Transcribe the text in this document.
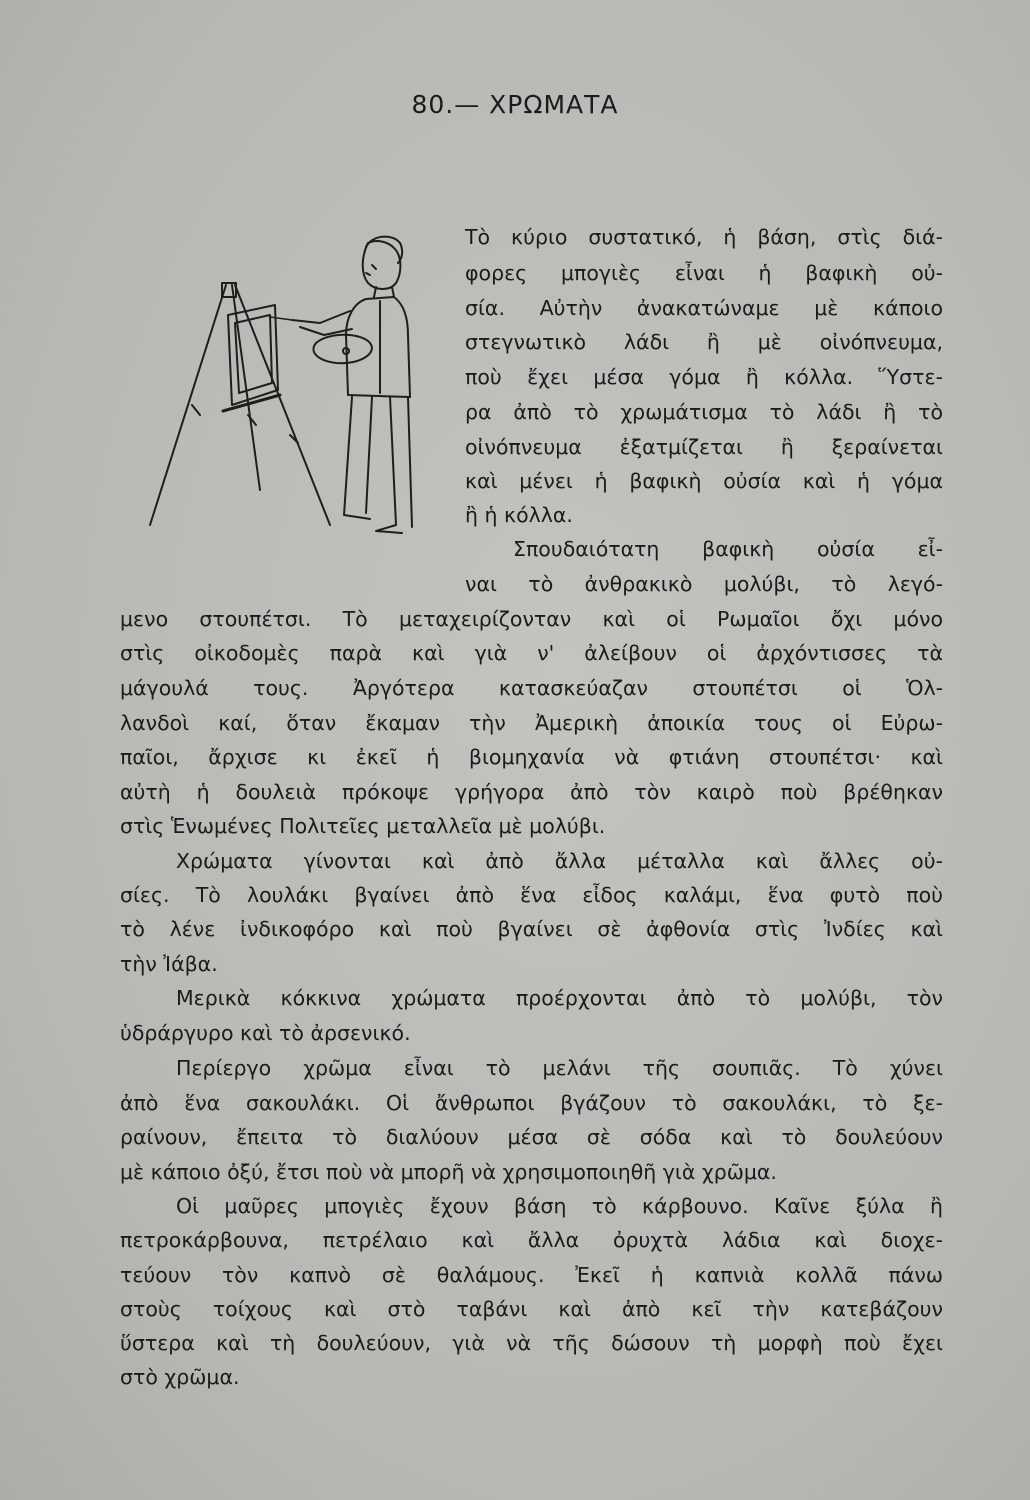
80.— ΧΡΩΜΑΤΑ
Τὸ κύριο συστατικό, ἡ βάση, στὶς διά-
φορες μπογιὲς εἶναι ἡ βαφικὴ οὐ-
σία. Αὐτὴν ἀνακατώναμε μὲ κάποιο
στεγνωτικὸ λάδι ἢ μὲ οἰνόπνευμα,
ποὺ ἔχει μέσα γόμα ἢ κόλλα. Ὕστε-
ρα ἀπὸ τὸ χρωμάτισμα τὸ λάδι ἢ τὸ
οἰνόπνευμα ἐξατμίζεται ἢ ξεραίνεται
καὶ μένει ἡ βαφικὴ οὐσία καὶ ἡ γόμα
ἢ ἡ κόλλα.
Σπουδαιότατη βαφικὴ οὐσία εἶ-
ναι τὸ ἀνθρακικὸ μολύβι, τὸ λεγό-
μενο στουπέτσι. Τὸ μεταχειρίζονταν καὶ οἱ Ρωμαῖοι ὄχι μόνο
στὶς οἰκοδομὲς παρὰ καὶ γιὰ ν' ἀλείβουν οἱ ἀρχόντισσες τὰ
μάγουλά τους. Ἀργότερα κατασκεύαζαν στουπέτσι οἱ Ὁλ-
λανδοὶ καί, ὅταν ἔκαμαν τὴν Ἀμερικὴ ἀποικία τους οἱ Εὐρω-
παῖοι, ἄρχισε κι ἐκεῖ ἡ βιομηχανία νὰ φτιάνη στουπέτσι· καὶ
αὐτὴ ἡ δουλειὰ πρόκοψε γρήγορα ἀπὸ τὸν καιρὸ ποὺ βρέθηκαν
στὶς Ἑνωμένες Πολιτεῖες μεταλλεῖα μὲ μολύβι.
Χρώματα γίνονται καὶ ἀπὸ ἄλλα μέταλλα καὶ ἄλλες οὐ-
σίες. Τὸ λουλάκι βγαίνει ἀπὸ ἕνα εἶδος καλάμι, ἕνα φυτὸ ποὺ
τὸ λένε ἰνδικοφόρο καὶ ποὺ βγαίνει σὲ ἀφθονία στὶς Ἰνδίες καὶ
τὴν Ἰάβα.
Μερικὰ κόκκινα χρώματα προέρχονται ἀπὸ τὸ μολύβι, τὸν
ὑδράργυρο καὶ τὸ ἀρσενικό.
Περίεργο χρῶμα εἶναι τὸ μελάνι τῆς σουπιᾶς. Τὸ χύνει
ἀπὸ ἕνα σακουλάκι. Οἱ ἄνθρωποι βγάζουν τὸ σακουλάκι, τὸ ξε-
ραίνουν, ἔπειτα τὸ διαλύουν μέσα σὲ σόδα καὶ τὸ δουλεύουν
μὲ κάποιο ὀξύ, ἔτσι ποὺ νὰ μπορῆ νὰ χρησιμοποιηθῆ γιὰ χρῶμα.
Οἱ μαῦρες μπογιὲς ἔχουν βάση τὸ κάρβουνο. Καῖνε ξύλα ἢ
πετροκάρβουνα, πετρέλαιο καὶ ἄλλα ὀρυχτὰ λάδια καὶ διοχε-
τεύουν τὸν καπνὸ σὲ θαλάμους. Ἐκεῖ ἡ καπνιὰ κολλᾶ πάνω
στοὺς τοίχους καὶ στὸ ταβάνι καὶ ἀπὸ κεῖ τὴν κατεβάζουν
ὕστερα καὶ τὴ δουλεύουν, γιὰ νὰ τῆς δώσουν τὴ μορφὴ ποὺ ἔχει
στὸ χρῶμα.
